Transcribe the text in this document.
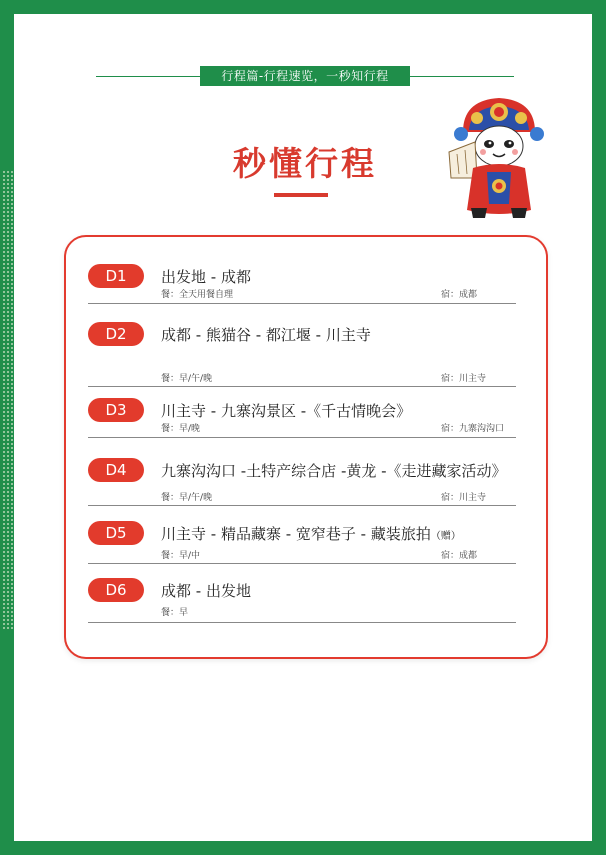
行程篇-行程速览，一秒知行程
秒懂行程
D1	出发地 - 成都
餐：全天用餐自理	宿：成都
D2	成都 - 熊猫谷 - 都江堰 - 川主寺
餐：早/午/晚	宿：川主寺
D3	川主寺 - 九寨沟景区 -《千古情晚会》
餐：早/晚	宿：九寨沟沟口
D4	九寨沟沟口 -土特产综合店 -黄龙 -《走进藏家活动》
餐：早/午/晚	宿：川主寺
D5	川主寺 - 精品藏寨 - 宽窄巷子 - 藏装旅拍（赠）
餐：早/中	宿：成都
D6	成都 - 出发地
餐：早
